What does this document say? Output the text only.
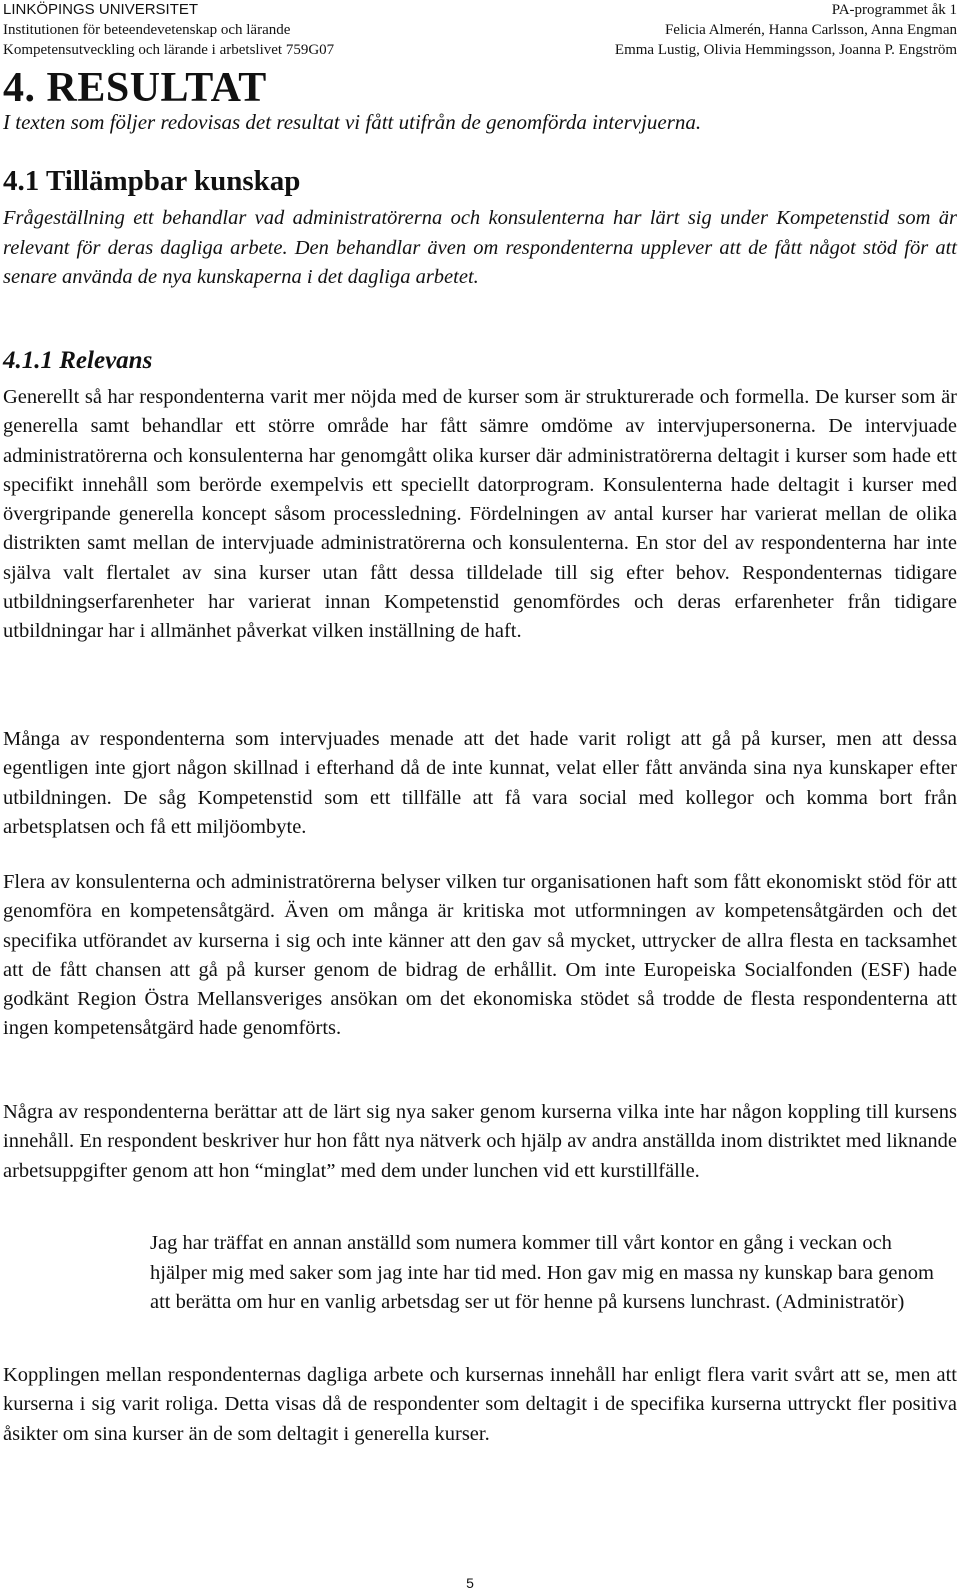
LINKÖPINGS UNIVERSITET
Institutionen för beteendevetenskap och lärande
Kompetensutveckling och lärande i arbetslivet 759G07
PA-programmet åk 1
Felicia Almerén, Hanna Carlsson, Anna Engman
Emma Lustig, Olivia Hemmingsson, Joanna P. Engström
4. RESULTAT
I texten som följer redovisas det resultat vi fått utifrån de genomförda intervjuerna.
4.1 Tillämpbar kunskap
Frågeställning ett behandlar vad administratörerna och konsulenterna har lärt sig under Kompetenstid som är relevant för deras dagliga arbete. Den behandlar även om respondenterna upplever att de fått något stöd för att senare använda de nya kunskaperna i det dagliga arbetet.
4.1.1 Relevans
Generellt så har respondenterna varit mer nöjda med de kurser som är strukturerade och formella. De kurser som är generella samt behandlar ett större område har fått sämre omdöme av intervjupersonerna. De intervjuade administratörerna och konsulenterna har genomgått olika kurser där administratörerna deltagit i kurser som hade ett specifikt innehåll som berörde exempelvis ett speciellt datorprogram. Konsulenterna hade deltagit i kurser med övergripande generella koncept såsom processledning. Fördelningen av antal kurser har varierat mellan de olika distrikten samt mellan de intervjuade administratörerna och konsulenterna. En stor del av respondenterna har inte själva valt flertalet av sina kurser utan fått dessa tilldelade till sig efter behov. Respondenternas tidigare utbildningserfarenheter har varierat innan Kompetenstid genomfördes och deras erfarenheter från tidigare utbildningar har i allmänhet påverkat vilken inställning de haft.
Många av respondenterna som intervjuades menade att det hade varit roligt att gå på kurser, men att dessa egentligen inte gjort någon skillnad i efterhand då de inte kunnat, velat eller fått använda sina nya kunskaper efter utbildningen. De såg Kompetenstid som ett tillfälle att få vara social med kollegor och komma bort från arbetsplatsen och få ett miljöombyte.
Flera av konsulenterna och administratörerna belyser vilken tur organisationen haft som fått ekonomiskt stöd för att genomföra en kompetensåtgärd. Även om många är kritiska mot utformningen av kompetensåtgärden och det specifika utförandet av kurserna i sig och inte känner att den gav så mycket, uttrycker de allra flesta en tacksamhet att de fått chansen att gå på kurser genom de bidrag de erhållit. Om inte Europeiska Socialfonden (ESF) hade godkänt Region Östra Mellansveriges ansökan om det ekonomiska stödet så trodde de flesta respondenterna att ingen kompetensåtgärd hade genomförts.
Några av respondenterna berättar att de lärt sig nya saker genom kurserna vilka inte har någon koppling till kursens innehåll. En respondent beskriver hur hon fått nya nätverk och hjälp av andra anställda inom distriktet med liknande arbetsuppgifter genom att hon “minglat” med dem under lunchen vid ett kurstillfälle.
Jag har träffat en annan anställd som numera kommer till vårt kontor en gång i veckan och hjälper mig med saker som jag inte har tid med. Hon gav mig en massa ny kunskap bara genom att berätta om hur en vanlig arbetsdag ser ut för henne på kursens lunchrast. (Administratör)
Kopplingen mellan respondenternas dagliga arbete och kursernas innehåll har enligt flera varit svårt att se, men att kurserna i sig varit roliga. Detta visas då de respondenter som deltagit i de specifika kurserna uttryckt fler positiva åsikter om sina kurser än de som deltagit i generella kurser.
5
